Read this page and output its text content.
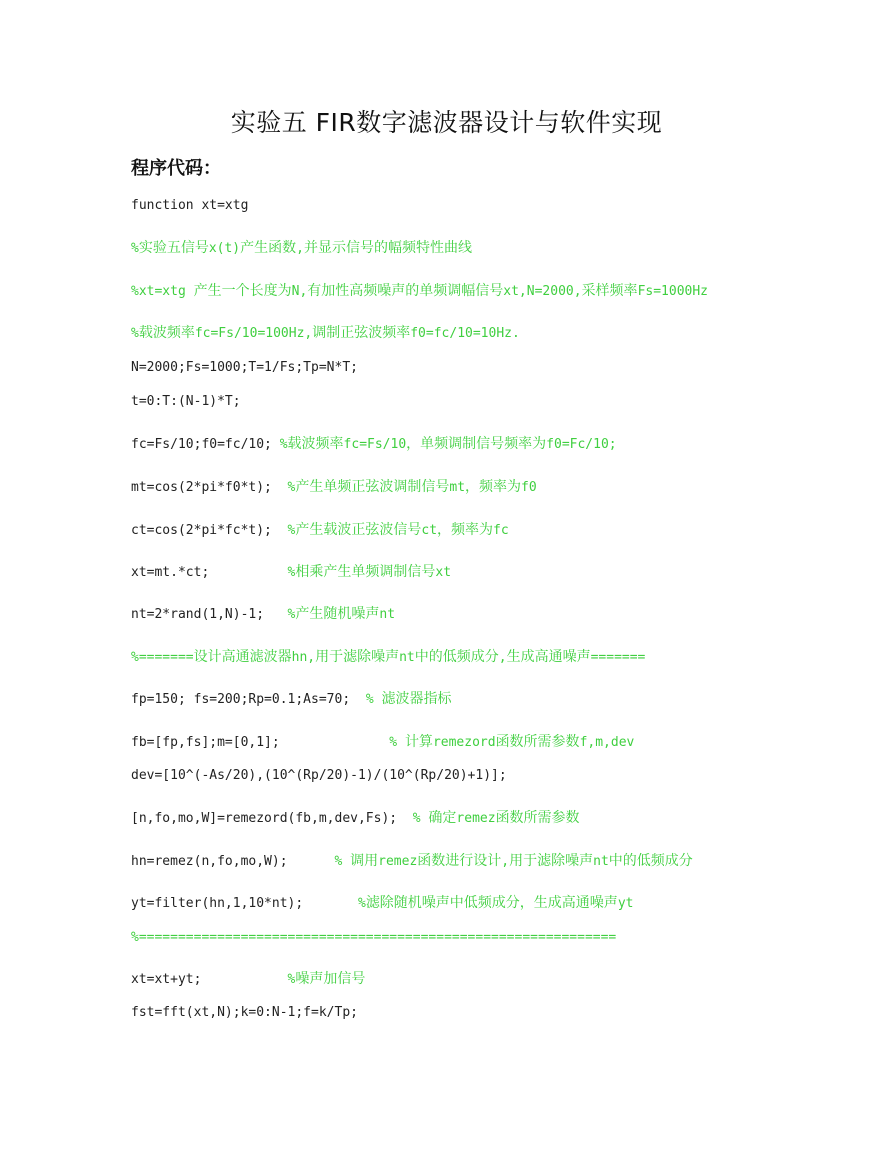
实验五 FIR数字滤波器设计与软件实现
程序代码：
function xt=xtg
%实验五信号x(t)产生函数,并显示信号的幅频特性曲线
%xt=xtg 产生一个长度为N,有加性高频噪声的单频调幅信号xt,N=2000,采样频率Fs=1000Hz
%载波频率fc=Fs/10=100Hz,调制正弦波频率f0=fc/10=10Hz.
N=2000;Fs=1000;T=1/Fs;Tp=N*T;
t=0:T:(N-1)*T;
fc=Fs/10;f0=fc/10; %载波频率fc=Fs/10，单频调制信号频率为f0=Fc/10;
mt=cos(2*pi*f0*t);  %产生单频正弦波调制信号mt，频率为f0
ct=cos(2*pi*fc*t);  %产生载波正弦波信号ct，频率为fc
xt=mt.*ct;          %相乘产生单频调制信号xt
nt=2*rand(1,N)-1;   %产生随机噪声nt
%=======设计高通滤波器hn,用于滤除噪声nt中的低频成分,生成高通噪声=======
fp=150; fs=200;Rp=0.1;As=70;  % 滤波器指标
fb=[fp,fs];m=[0,1];              % 计算remezord函数所需参数f,m,dev
dev=[10^(-As/20),(10^(Rp/20)-1)/(10^(Rp/20)+1)];
[n,fo,mo,W]=remezord(fb,m,dev,Fs);  % 确定remez函数所需参数
hn=remez(n,fo,mo,W);      % 调用remez函数进行设计,用于滤除噪声nt中的低频成分
yt=filter(hn,1,10*nt);       %滤除随机噪声中低频成分，生成高通噪声yt
%=============================================================
xt=xt+yt;           %噪声加信号
fst=fft(xt,N);k=0:N-1;f=k/Tp;
